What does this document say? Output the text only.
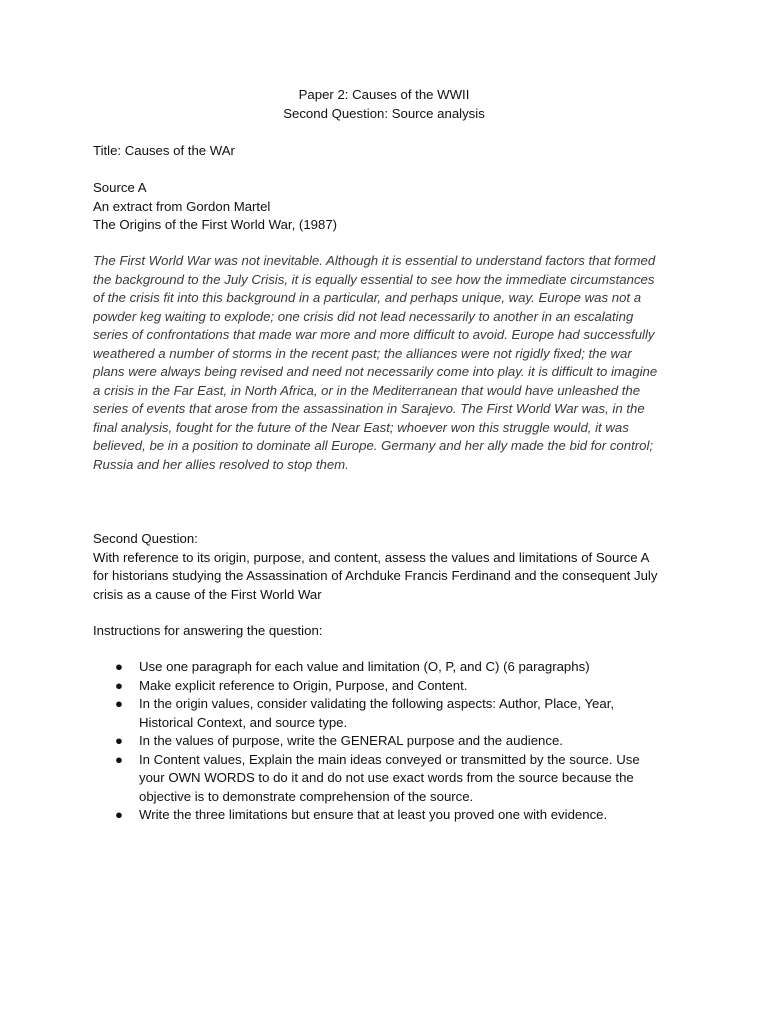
Paper 2: Causes of the WWII
Second Question: Source analysis
Title: Causes of the WAr
Source A
An extract from Gordon Martel
The Origins of the First World War, (1987)
The First World War was not inevitable. Although it is essential to understand factors that formed
the background to the July Crisis, it is equally essential to see how the immediate circumstances
of the crisis fit into this background in a particular, and perhaps unique, way. Europe was not a
powder keg waiting to explode; one crisis did not lead necessarily to another in an escalating
series of confrontations that made war more and more difficult to avoid. Europe had successfully
weathered a number of storms in the recent past; the alliances were not rigidly fixed; the war
plans were always being revised and need not necessarily come into play. it is difficult to imagine
a crisis in the Far East, in North Africa, or in the Mediterranean that would have unleashed the
series of events that arose from the assassination in Sarajevo. The First World War was, in the
final analysis, fought for the future of the Near East; whoever won this struggle would, it was
believed, be in a position to dominate all Europe. Germany and her ally made the bid for control;
Russia and her allies resolved to stop them.
Second Question:
With reference to its origin, purpose, and content, assess the values and limitations of Source A
for historians studying the Assassination of Archduke Francis Ferdinand and the consequent July
crisis as a cause of the First World War
Instructions for answering the question:
● Use one paragraph for each value and limitation (O, P, and C) (6 paragraphs)
● Make explicit reference to Origin, Purpose, and Content.
● In the origin values, consider validating the following aspects: Author, Place, Year,
Historical Context, and source type.
● In the values of purpose, write the GENERAL purpose and the audience.
● In Content values, Explain the main ideas conveyed or transmitted by the source. Use
your OWN WORDS to do it and do not use exact words from the source because the
objective is to demonstrate comprehension of the source.
● Write the three limitations but ensure that at least you proved one with evidence.
